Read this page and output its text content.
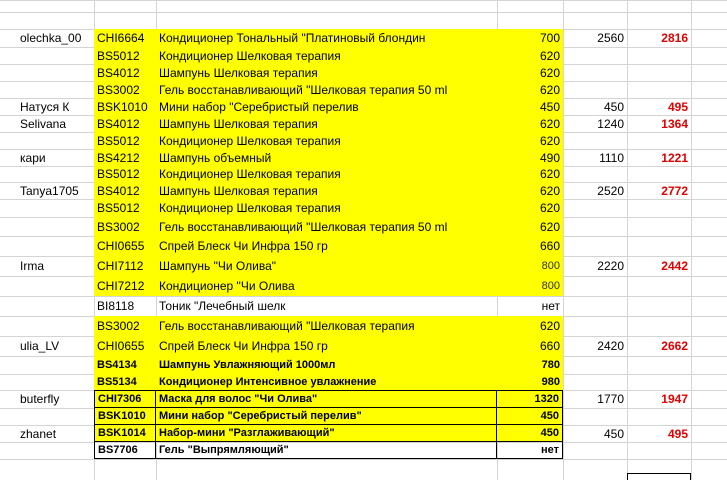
olechka_00	CHI6664	Кондиционер Тональный "Платиновый блондин	700	2560	2816
BS5012	Кондиционер Шелковая терапия	620
BS4012	Шампунь Шелковая терапия	620
BS3002	Гель восстанавливающий "Шелковая терапия 50 ml	620
Натуся К	BSK1010 Мини набор "Серебристый перелив	450	450	495
Selivana	BS4012	Шампунь Шелковая терапия	620	1240	1364
BS5012	Кондиционер Шелковая терапия	620
кари	BS4212	Шампунь объемный	490	1110	1221
BS5012	Кондиционер Шелковая терапия	620
Tanya1705	BS4012	Шампунь Шелковая терапия	620	2520	2772
BS5012	Кондиционер Шелковая терапия	620
BS3002	Гель восстанавливающий "Шелковая терапия 50 ml	620
CHI0655	Спрей Блеск Чи Инфра 150 гр	660
Irma	CHI7112	Шампунь "Чи Олива"	800	2220	2442
CHI7212	Кондиционер "Чи Олива	800
BI8118	Тоник "Лечебный шелк	нет
BS3002	Гель восстанавливающий "Шелковая терапия	620
ulia_LV	CHI0655	Спрей Блеск Чи Инфра 150 гр	660	2420	2662
BS4134	Шампунь Увлажняющий 1000мл	780
BS5134	Кондиционер Интенсивное увлажнение	980
buterfly	CHI7306	Маска для волос "Чи Олива"	1320	1770	1947
BSK1010	Мини набор "Серебристый перелив"	450
zhanet	BSK1014	Набор-мини "Разглаживающий"	450	450	495
BS7706	Гель "Выпрямляющий"	нет
